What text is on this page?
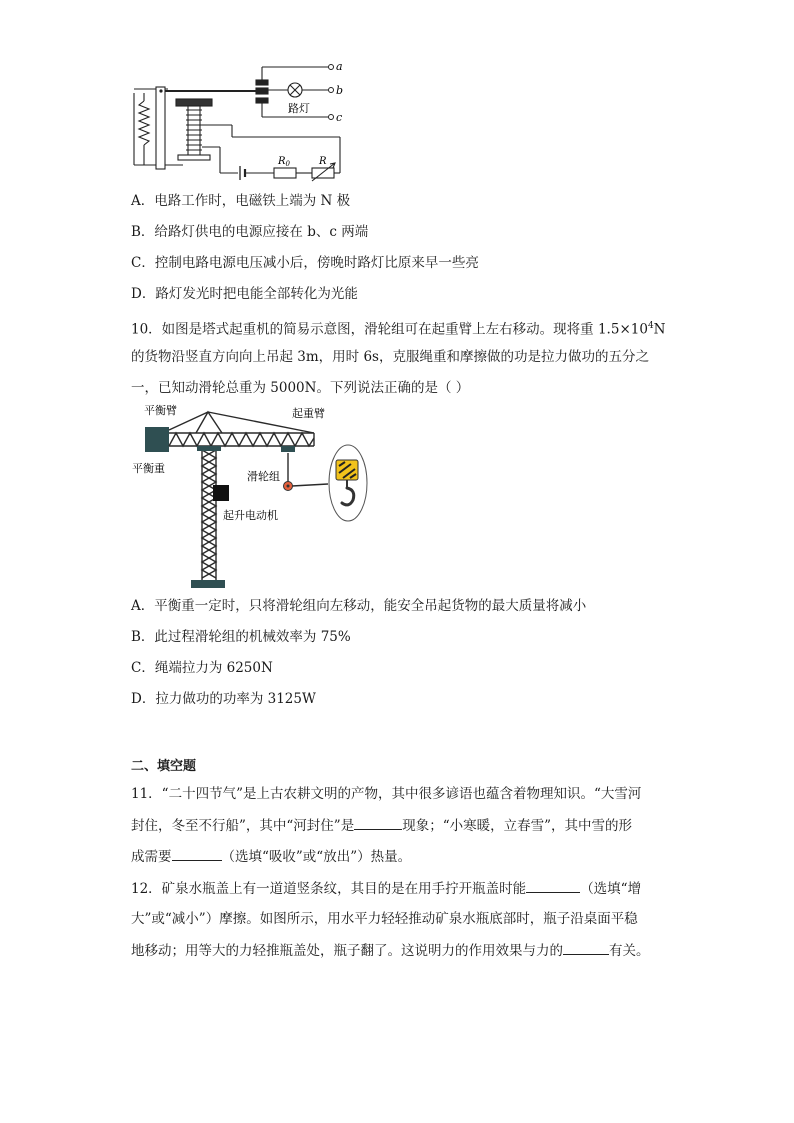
a
b
c
路灯
$R_0$	R
A．电路工作时，电磁铁上端为 N 极
B．给路灯供电的电源应接在 b、c 两端
C．控制电路电源电压减小后，傍晚时路灯比原来早一些亮
D．路灯发光时把电能全部转化为光能
10．如图是塔式起重机的简易示意图，滑轮组可在起重臂上左右移动。现将重 $1.5\times 10^4N$
的货物沿竖直方向向上吊起 3m，用时 6s，克服绳重和摩擦做的功是拉力做功的五分之
一，已知动滑轮总重为 5000N。下列说法正确的是（ ）
平衡臂	起重臂
平衡重
滑轮组
起升电动机
A．平衡重一定时，只将滑轮组向左移动，能安全吊起货物的最大质量将减小
B．此过程滑轮组的机械效率为 75%
C．绳端拉力为 6250N
D．拉力做功的功率为 3125W
二、填空题
11．“二十四节气”是上古农耕文明的产物，其中很多谚语也蕴含着物理知识。“大雪河
封住，冬至不行船”，其中“河封住”是	现象；“小寒暖，立春雪”，其中雪的形
成需要	（选填“吸收”或“放出”）热量。
12．矿泉水瓶盖上有一道道竖条纹，其目的是在用手拧开瓶盖时能	（选填“增
大”或“减小”）摩擦。如图所示，用水平力轻轻推动矿泉水瓶底部时，瓶子沿桌面平稳
地移动；用等大的力轻推瓶盖处，瓶子翻了。这说明力的作用效果与力的	有关。
